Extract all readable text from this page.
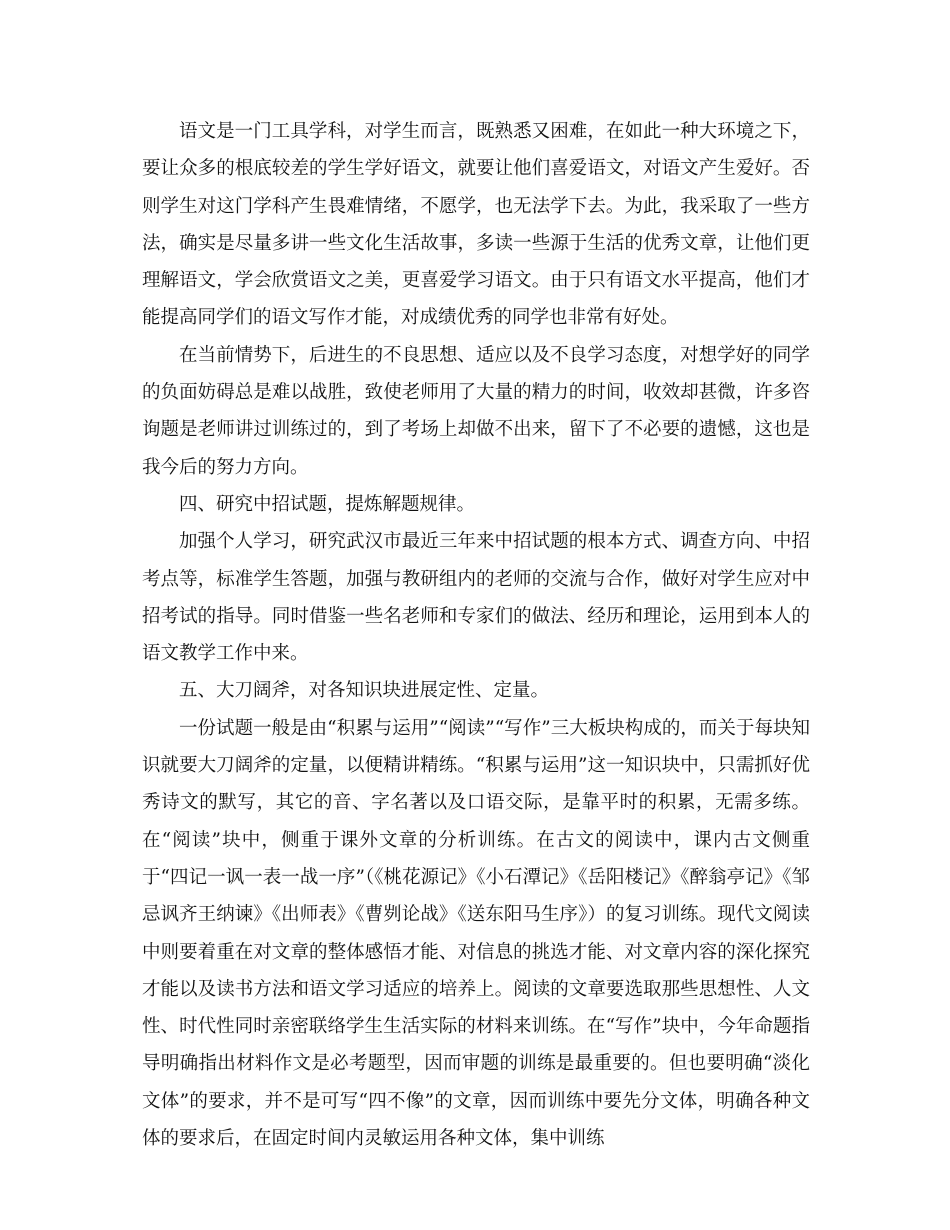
语文是一门工具学科，对学生而言，既熟悉又困难，在如此一种大环境之下，要让众多的根底较差的学生学好语文，就要让他们喜爱语文，对语文产生爱好。否则学生对这门学科产生畏难情绪，不愿学，也无法学下去。为此，我采取了一些方法，确实是尽量多讲一些文化生活故事，多读一些源于生活的优秀文章，让他们更理解语文，学会欣赏语文之美，更喜爱学习语文。由于只有语文水平提高，他们才能提高同学们的语文写作才能，对成绩优秀的同学也非常有好处。

在当前情势下，后进生的不良思想、适应以及不良学习态度，对想学好的同学的负面妨碍总是难以战胜，致使老师用了大量的精力的时间，收效却甚微，许多咨询题是老师讲过训练过的，到了考场上却做不出来，留下了不必要的遗憾，这也是我今后的努力方向。

四、研究中招试题，提炼解题规律。

加强个人学习，研究武汉市最近三年来中招试题的根本方式、调查方向、中招考点等，标准学生答题，加强与教研组内的老师的交流与合作，做好对学生应对中招考试的指导。同时借鉴一些名老师和专家们的做法、经历和理论，运用到本人的语文教学工作中来。

五、大刀阔斧，对各知识块进展定性、定量。

一份试题一般是由“积累与运用”“阅读”“写作”三大板块构成的，而关于每块知识就要大刀阔斧的定量，以便精讲精练。“积累与运用”这一知识块中，只需抓好优秀诗文的默写，其它的音、字名著以及口语交际，是靠平时的积累，无需多练。在“阅读”块中，侧重于课外文章的分析训练。在古文的阅读中，课内古文侧重于“四记一讽一表一战一序”（《桃花源记》《小石潭记》《岳阳楼记》《醉翁亭记》《邹忌讽齐王纳谏》《出师表》《曹刿论战》《送东阳马生序》）的复习训练。现代文阅读中则要着重在对文章的整体感悟才能、对信息的挑选才能、对文章内容的深化探究才能以及读书方法和语文学习适应的培养上。阅读的文章要选取那些思想性、人文性、时代性同时亲密联络学生生活实际的材料来训练。在“写作”块中，今年命题指导明确指出材料作文是必考题型，因而审题的训练是最重要的。但也要明确“淡化文体”的要求，并不是可写“四不像”的文章，因而训练中要先分文体，明确各种文体的要求后，在固定时间内灵敏运用各种文体，集中训练
